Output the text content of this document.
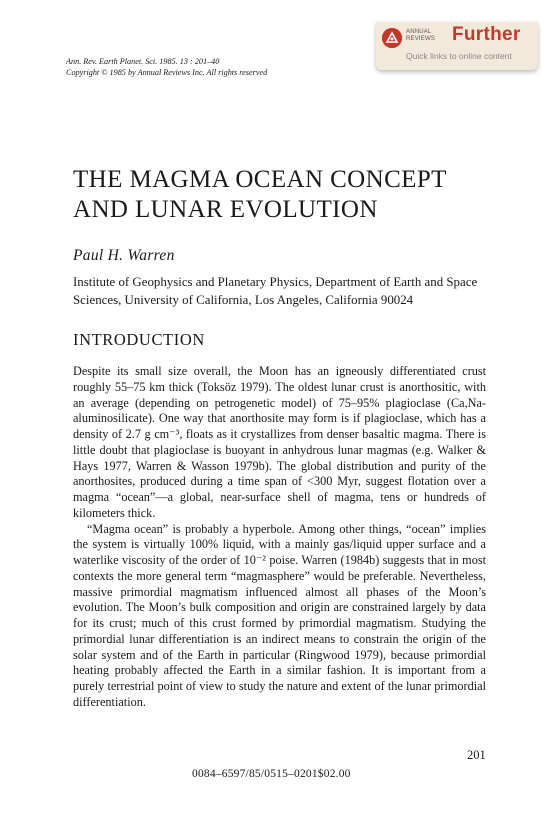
ANNUAL
REVIEWS Further
Quick links to online content
Ann. Rev. Earth Planet. Sci. 1985. 13 : 201–40
Copyright © 1985 by Annual Reviews Inc. All rights reserved
THE MAGMA OCEAN CONCEPT
AND LUNAR EVOLUTION
Paul H. Warren
Institute of Geophysics and Planetary Physics, Department of Earth and Space Sciences, University of California, Los Angeles, California 90024
INTRODUCTION

Despite its small size overall, the Moon has an igneously differentiated crust roughly 55–75 km thick (Toksöz 1979). The oldest lunar crust is anorthositic, with an average (depending on petrogenetic model) of 75–95% plagioclase (Ca,Na-aluminosilicate). One way that anorthosite may form is if plagioclase, which has a density of 2.7 g cm⁻³, floats as it crystallizes from denser basaltic magma. There is little doubt that plagioclase is buoyant in anhydrous lunar magmas (e.g. Walker & Hays 1977, Warren & Wasson 1979b). The global distribution and purity of the anorthosites, produced during a time span of <300 Myr, suggest flotation over a magma “ocean”—a global, near-surface shell of magma, tens or hundreds of kilometers thick.

“Magma ocean” is probably a hyperbole. Among other things, “ocean” implies the system is virtually 100% liquid, with a mainly gas/liquid upper surface and a waterlike viscosity of the order of 10⁻² poise. Warren (1984b) suggests that in most contexts the more general term “magmasphere” would be preferable. Nevertheless, massive primordial magmatism influenced almost all phases of the Moon’s evolution. The Moon’s bulk composition and origin are constrained largely by data for its crust; much of this crust formed by primordial magmatism. Studying the primordial lunar differentiation is an indirect means to constrain the origin of the solar system and of the Earth in particular (Ringwood 1979), because primordial heating probably affected the Earth in a similar fashion. It is important from a purely terrestrial point of view to study the nature and extent of the lunar primordial differentiation.

201
0084–6597/85/0515–0201$02.00
